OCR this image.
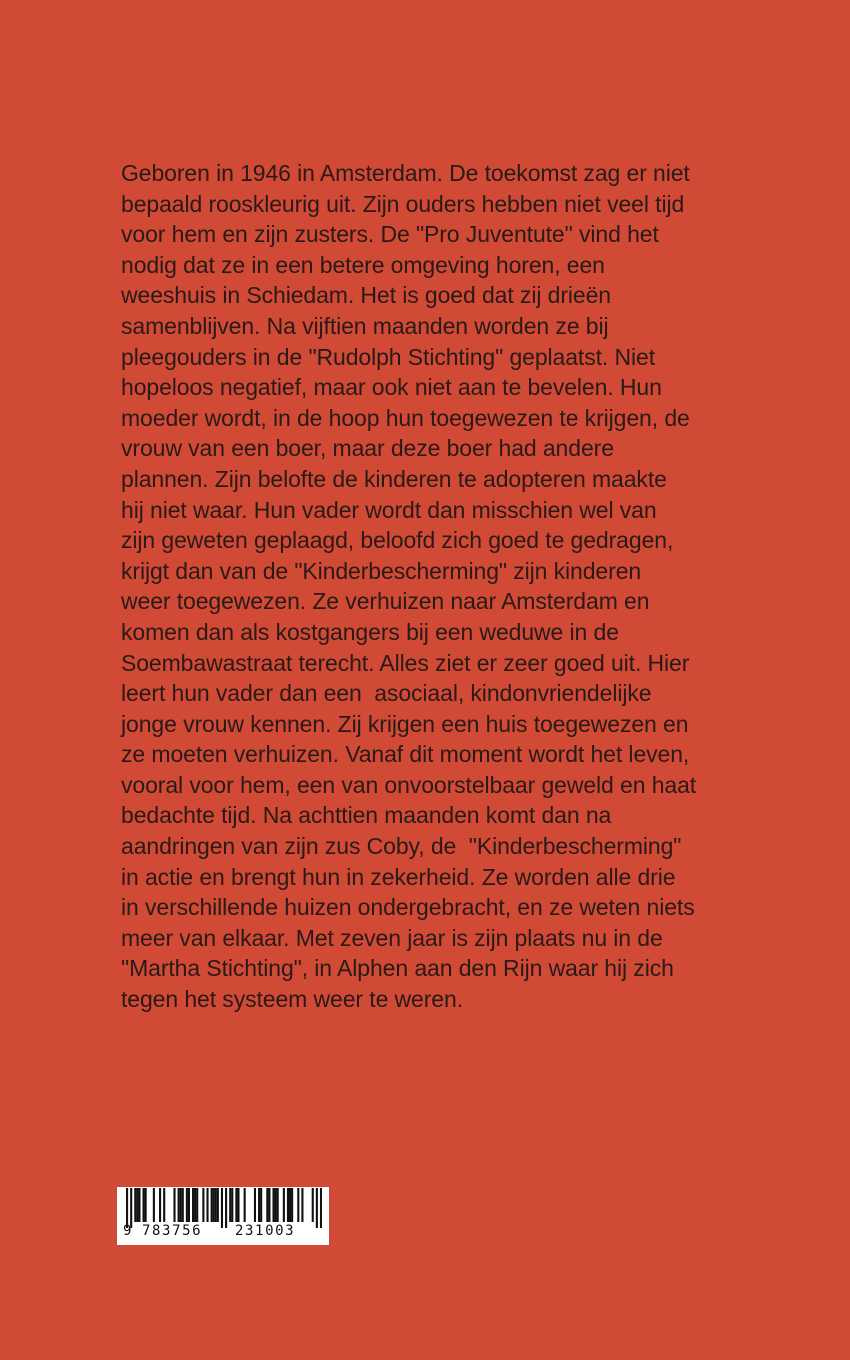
Geboren in 1946 in Amsterdam. De toekomst zag er niet
bepaald rooskleurig uit. Zijn ouders hebben niet veel tijd
voor hem en zijn zusters. De "Pro Juventute" vind het
nodig dat ze in een betere omgeving horen, een
weeshuis in Schiedam. Het is goed dat zij drieën
samenblijven. Na vijftien maanden worden ze bij
pleegouders in de "Rudolph Stichting" geplaatst. Niet
hopeloos negatief, maar ook niet aan te bevelen. Hun
moeder wordt, in de hoop hun toegewezen te krijgen, de
vrouw van een boer, maar deze boer had andere
plannen. Zijn belofte de kinderen te adopteren maakte
hij niet waar. Hun vader wordt dan misschien wel van
zijn geweten geplaagd, beloofd zich goed te gedragen,
krijgt dan van de "Kinderbescherming" zijn kinderen
weer toegewezen. Ze verhuizen naar Amsterdam en
komen dan als kostgangers bij een weduwe in de
Soembawastraat terecht. Alles ziet er zeer goed uit. Hier
leert hun vader dan een  asociaal, kindonvriendelijke
jonge vrouw kennen. Zij krijgen een huis toegewezen en
ze moeten verhuizen. Vanaf dit moment wordt het leven,
vooral voor hem, een van onvoorstelbaar geweld en haat
bedachte tijd. Na achttien maanden komt dan na
aandringen van zijn zus Coby, de  "Kinderbescherming"
in actie en brengt hun in zekerheid. Ze worden alle drie
in verschillende huizen ondergebracht, en ze weten niets
meer van elkaar. Met zeven jaar is zijn plaats nu in de
"Martha Stichting", in Alphen aan den Rijn waar hij zich
tegen het systeem weer te weren.

9 783756 231003
